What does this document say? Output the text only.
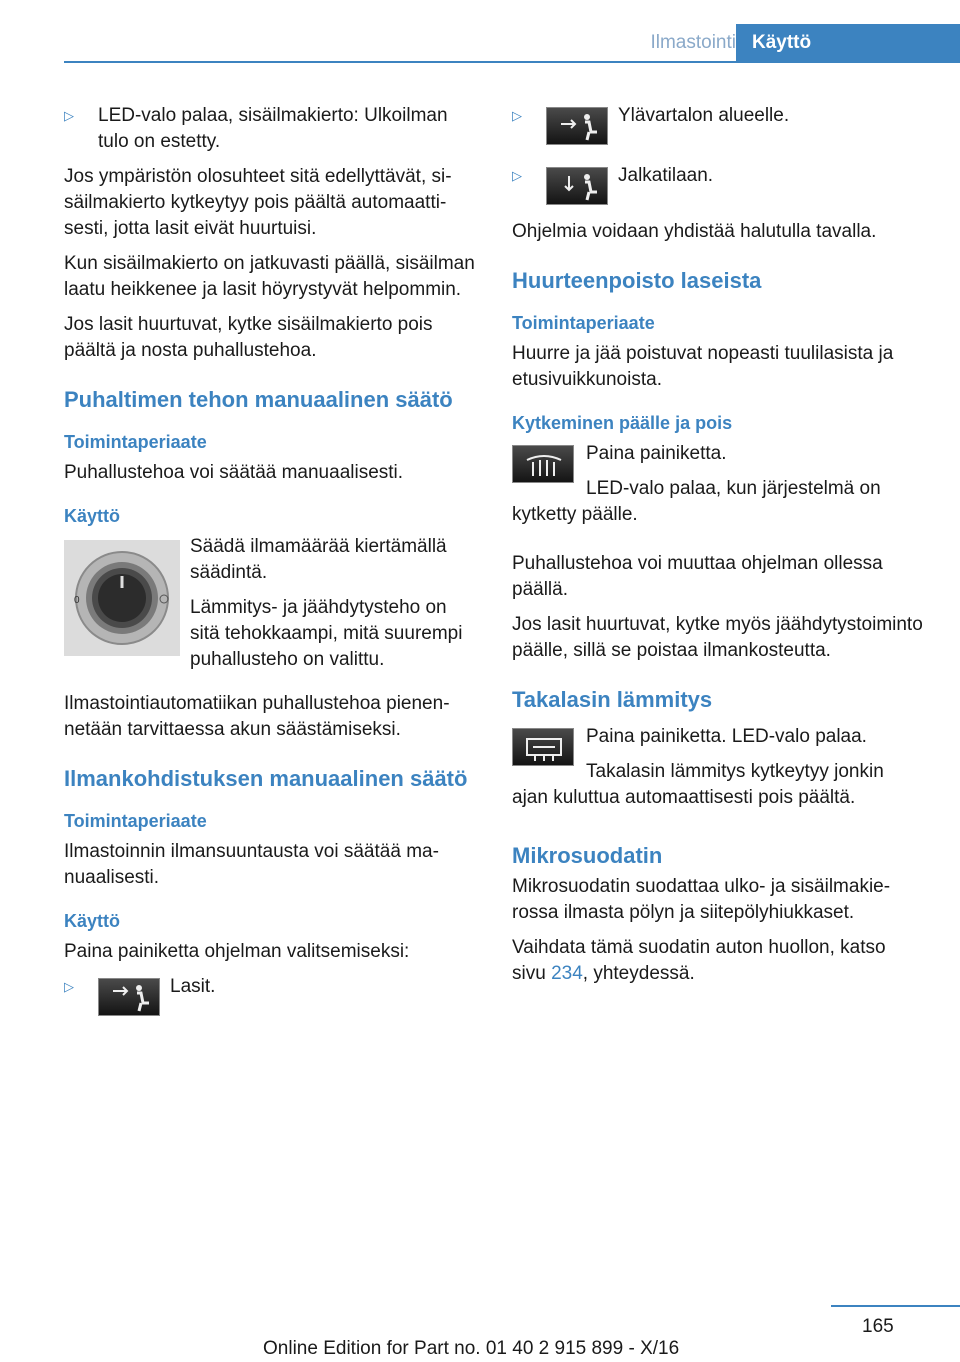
Ilmastointi Käyttö
▷	LED-valo palaa, sisäilmakierto: Ulkoilman tulo on estetty.

Jos ympäristön olosuhteet sitä edellyttävät, sisäilmakierto kytkeytyy pois päältä automaattisesti, jotta lasit eivät huurtuisi.

Kun sisäilmakierto on jatkuvasti päällä, sisäilman laatu heikkenee ja lasit höyrystyvät helpommin.

Jos lasit huurtuvat, kytke sisäilmakierto pois päältä ja nosta puhallustehoa.

Puhaltimen tehon manuaalinen säätö
Toimintaperiaate

Puhallustehoa voi säätää manuaalisesti.

Käyttö
0

Säädä ilmamäärää kiertämällä säädintä.

Lämmitys- ja jäähdytysteho on sitä tehokkaampi, mitä suurempi puhallusteho on valittu.

Ilmastointiautomatiikan puhallustehoa pienennetään tarvittaessa akun säästämiseksi.

Ilmankohdistuksen manuaalinen säätö
Toimintaperiaate

Ilmastoinnin ilmansuuntausta voi säätää manuaalisesti.

Käyttö

Paina painiketta ohjelman valitsemiseksi:

▷	Lasit.
▷	Ylävartalon alueelle.
▷	Jalkatilaan.

Ohjelmia voidaan yhdistää halutulla tavalla.

Huurteenpoisto laseista
Toimintaperiaate

Huurre ja jää poistuvat nopeasti tuulilasista ja etusivuikkunoista.

Kytkeminen päälle ja pois

Paina painiketta.

LED-valo palaa, kun järjestelmä on kytketty päälle.

Puhallustehoa voi muuttaa ohjelman ollessa päällä.

Jos lasit huurtuvat, kytke myös jäähdytystoiminto päälle, sillä se poistaa ilmankosteutta.

Takalasin lämmitys

Paina painiketta. LED-valo palaa.

Takalasin lämmitys kytkeytyy jonkin ajan kuluttua automaattisesti pois päältä.

Mikrosuodatin

Mikrosuodatin suodattaa ulko- ja sisäilmakierossa ilmasta pölyn ja siitepölyhiukkaset.

Vaihdata tämä suodatin auton huollon, katso sivu 234, yhteydessä.

165
Online Edition for Part no. 01 40 2 915 899 - X/16
